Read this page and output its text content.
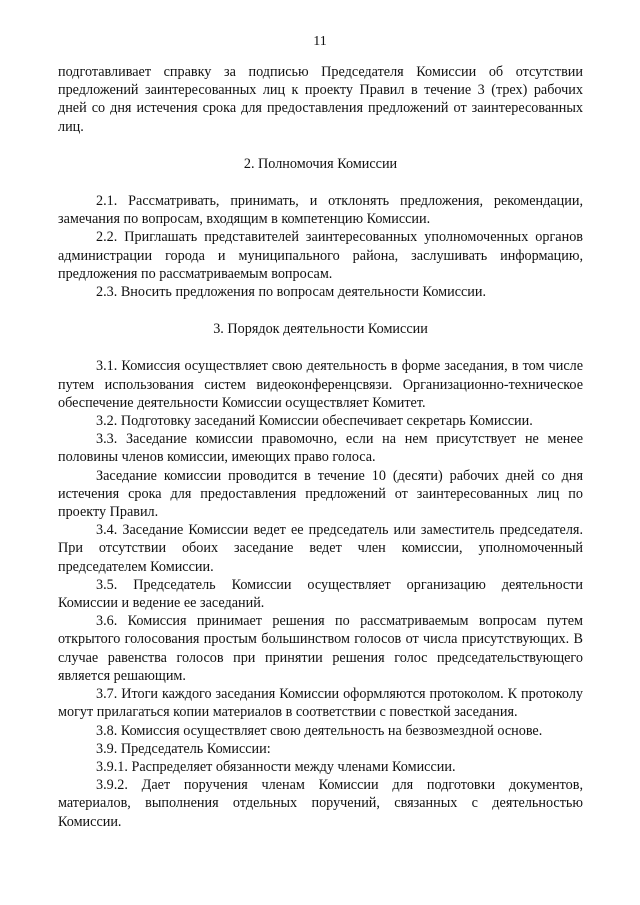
11

подготавливает справку за подписью Председателя Комиссии об отсутствии предложений заинтересованных лиц к проекту Правил в течение 3 (трех) рабочих дней со дня истечения срока для предоставления предложений от заинтересованных лиц.

2. Полномочия Комиссии

2.1. Рассматривать, принимать, и отклонять предложения, рекомендации, замечания по вопросам, входящим в компетенцию Комиссии.

2.2. Приглашать представителей заинтересованных уполномоченных органов администрации города и муниципального района, заслушивать информацию, предложения по рассматриваемым вопросам.

2.3. Вносить предложения по вопросам деятельности Комиссии.

3. Порядок деятельности Комиссии

3.1. Комиссия осуществляет свою деятельность в форме заседания, в том числе путем использования систем видеоконференцсвязи. Организационно-техническое обеспечение деятельности Комиссии осуществляет Комитет.

3.2. Подготовку заседаний Комиссии обеспечивает секретарь Комиссии.

3.3. Заседание комиссии правомочно, если на нем присутствует не менее половины членов комиссии, имеющих право голоса.

Заседание комиссии проводится в течение 10 (десяти) рабочих дней со дня истечения срока для предоставления предложений от заинтересованных лиц по проекту Правил.

3.4. Заседание Комиссии ведет ее председатель или заместитель председателя. При отсутствии обоих заседание ведет член комиссии, уполномоченный председателем Комиссии.

3.5. Председатель Комиссии осуществляет организацию деятельности Комиссии и ведение ее заседаний.

3.6. Комиссия принимает решения по рассматриваемым вопросам путем открытого голосования простым большинством голосов от числа присутствующих. В случае равенства голосов при принятии решения голос председательствующего является решающим.

3.7. Итоги каждого заседания Комиссии оформляются протоколом. К протоколу могут прилагаться копии материалов в соответствии с повесткой заседания.

3.8. Комиссия осуществляет свою деятельность на безвозмездной основе.

3.9. Председатель Комиссии:

3.9.1. Распределяет обязанности между членами Комиссии.

3.9.2. Дает поручения членам Комиссии для подготовки документов, материалов, выполнения отдельных поручений, связанных с деятельностью Комиссии.
